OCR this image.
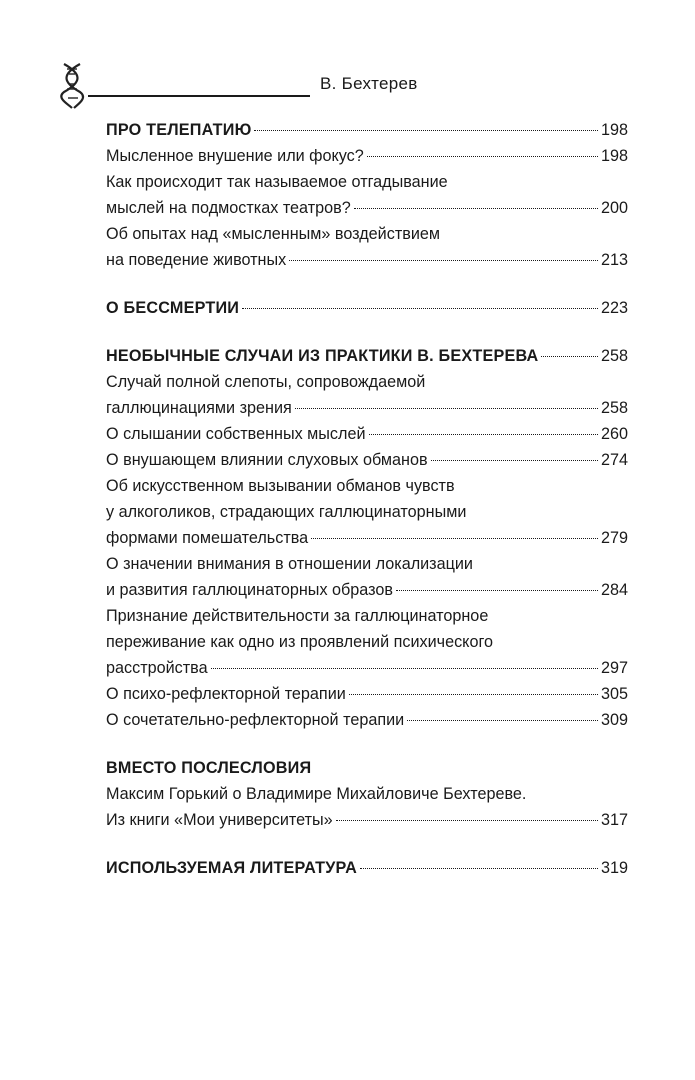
В. Бехтерев
ПРО ТЕЛЕПАТИЮ	198
Мысленное внушение или фокус?	198
Как происходит так называемое отгадывание
мыслей на подмостках театров?	200
Об опытах над «мысленным» воздействием
на поведение животных	213
О БЕССМЕРТИИ	223
НЕОБЫЧНЫЕ СЛУЧАИ ИЗ ПРАКТИКИ В. БЕХТЕРЕВА	258
Случай полной слепоты, сопровождаемой
галлюцинациями зрения	258
О слышании собственных мыслей	260
О внушающем влиянии слуховых обманов	274
Об искусственном вызывании обманов чувств
у алкоголиков, страдающих галлюцинаторными
формами помешательства	279
О значении внимания в отношении локализации
и развития галлюцинаторных образов	284
Признание действительности за галлюцинаторное
переживание как одно из проявлений психического
расстройства	297
О психо-рефлекторной терапии	305
О сочетательно-рефлекторной терапии	309
ВМЕСТО ПОСЛЕСЛОВИЯ
Максим Горький о Владимире Михайловиче Бехтереве.
Из книги «Мои университеты»	317
ИСПОЛЬЗУЕМАЯ ЛИТЕРАТУРА	319
